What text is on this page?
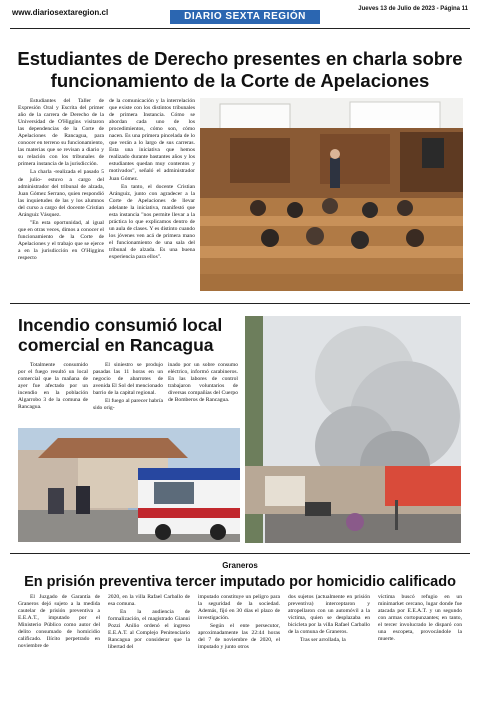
www.diariosextaregion.cl	DIARIO SEXTA REGIÓN
Jueves 13 de Julio de 2023 - Página 11
Estudiantes de Derecho presentes en charla sobre funcionamiento de la Corte de Apelaciones

Estudiantes del Taller de Expresión Oral y Escrita del primer año de la carrera de Derecho de la Universidad de O'Higgins visitaron las dependencias de la Corte de Apelaciones de Rancagua, para conocer en terreno su funcionamiento, las materias que se revisan a diario y su relación con los tribunales de primera instancia de la jurisdicción.

La charla -realizada el pasado 5 de julio- estuvo a cargo del administrador del tribunal de alzada, Juan Gómez Serrano, quien respondió las inquietudes de las y los alumnos del curso a cargo del docente Cristian Aránguiz Vásquez.

"En esta oportunidad, al igual que en otras veces, dimos a conocer el funcionamiento de la Corte de Apelaciones y el trabajo que se ejerce a en la jurisdicción en O'Higgins respecto

de la comunicación y la interrelación que existe con los distintos tribunales de primera Instancia. Cómo se abordan cada uno de los procedimientos, cómo son, cómo nacen. Es una primera pincelada de lo que verán a lo largo de sus carreras. Esta una iniciativa que hemos realizado durante bastantes años y los estudiantes quedan muy contentos y motivados", señaló el administrador Juan Gómez.

En tanto, el docente Cristian Aránguiz, junto con agradecer a la Corte de Apelaciones de llevar adelante la iniciativa, manifestó que esta instancia "nos permite llevar a la práctica lo que explicamos dentro de un aula de clases. Y es distinto cuando los jóvenes ven acá de primera mano el funcionamiento de una sala del tribunal de alzada. Es una buena experiencia para ellos".

Incendio consumió local comercial en Rancagua

Totalmente consumido por el fuego resultó un local comercial que la mañana de ayer fue afectado por un incendio en la población Algarrobo 3 de la comuna de Rancagua.

El siniestro se produjo pasadas las 11 horas en un negocio de abarrotes de avenida El Sol del mencionado barrio de la capital regional.

El fuego al parecer habría sido orig-

inado por un sobre consumo eléctrico, informó carabineros. En las labores de control trabajaron voluntarios de diversas compañías del Cuerpo de Bomberos de Rancagua.

Graneros
En prisión preventiva tercer imputado por homicidio calificado

El Juzgado de Garantía de Graneros dejó sujeto a la medida cautelar de prisión preventiva a E.E.A.T., imputado por el Ministerio Público como autor del delito consumado de homicidio calificado. Ilícito perpetrado en noviembre de

2020, en la villa Rafael Carballo de esa comuna.

En la audiencia de formalización, el magistrado Gianni Pozzi Anilio ordenó el ingreso E.E.A.T. al Complejo Penitenciario Rancagua por considerar que la libertad del

imputado constituye un peligro para la seguridad de la sociedad. Además, fijó en 30 días el plazo de investigación.

Según el ente persecutor, aproximadamente las 22:44 horas del 7 de noviembre de 2020, el imputado y junto otros

dos sujetos (actualmente en prisión preventiva) interceptaron y atropellaron con un automóvil a la víctima, quien se desplazaba en bicicleta por la villa Rafael Carballo de la comuna de Graneros.

Tras ser arrollada, la

víctima buscó refugio en un minimarket cercano, lugar donde fue atacada por E.E.A.T. y un segundo con armas cortopunzantes; en tanto, el tercer involucrado le disparó con una escopeta, provocándole la muerte.
